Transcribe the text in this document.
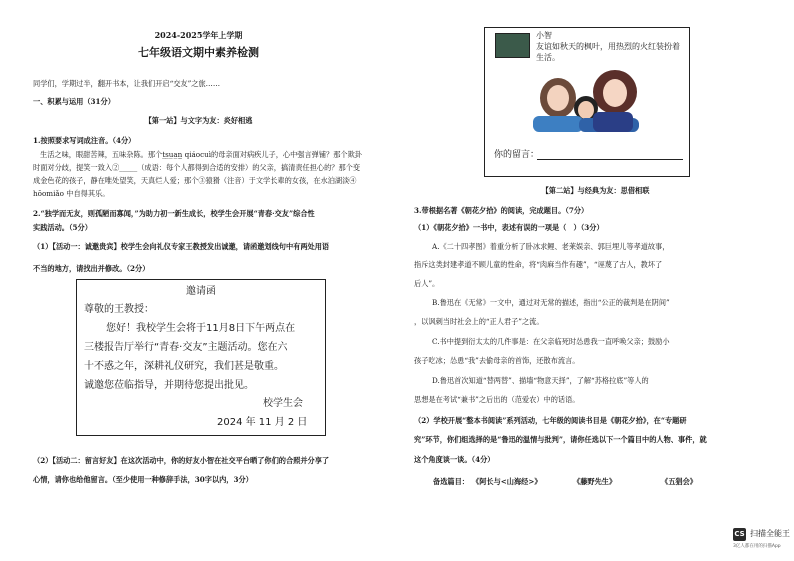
2024-2025学年上学期
七年级语文期中素养检测
同学们，学期过半，翻开书本，让我们开启“交友”之旅……
一、积累与运用（31分）
【第一站】与文字为友：炎好相逃
1.按照要求写词成注音。（4分）
生活之味，眼甜苦辣，五味杂陈。那个t̲s̲u̲a̲n̲̲ qiáocuì的母亲面对病疾儿子，心中强言弹铺？那个欺卦
时面对分歧，提笑一致入②_____（成语：每个人都得到合适的安排）的父亲，搞清责任担心的？那个变
成金色花的孩子，静在唯处望笑，天真烂人爱；那个③猿猾（注音）于文学长辈的女孩，在水泊湖淡④
hōomiǎo 中自得其乐。
2.“独学而无友，则孤陋而寡闻，”为助力初一新生成长，校学生会开展“青春·交友”综合性
实践活动。（5分）
（1）【活动一：诚邀贵宾】校学生会向礼仪专家王教授发出诚邀，请函邀划线句中有两处用语
不当的地方，请找出并修改。（2分）
邀请函
尊敬的王教授：
您好！我校学生会将于11月8日下午两点在
三楼报告厅举行“青春·交友”主题活动。您在六
十不惑之年，深耕礼仪研究，我们甚是敬重。
诚邀您莅临指导，并期待您提出批见。
校学生会
2024 年 11 月 2 日
（2）【活动二：留言好友】在这次活动中，你的好友小智在社交平台晒了你们的合照并分享了
心情，请你也给他留言。（至少使用一种修辞手法，30字以内，3分）
小智
友谊如秋天的枫叶，用热烈的火红装扮着
生活。
你的留言：
【第二站】与经典为友：思借相联
3.带根据名著《朝花夕拾》的阅读，完成题目。（7分）
（1）《朝花夕拾》一书中，表述有误的一项是（　）（3分）
A.《二十四孝图》着重分析了卧冰求鲤、老莱娱亲、郭巨埋儿等孝道故事，
指斥这类封建孝道不顾儿童的性命，将“肉麻当作有趣”，“诬蔑了古人，教坏了
后人”。
B.鲁迅在《无常》一文中，通过对无常的描述，指出“公正的裁判是在阴间”
，以讽刺当时社会上的“正人君子”之流。
C.书中提到衍太太的几件事是：在父亲临死时怂恿我一直呼唤父亲；鼓励小
孩子吃冰；怂恿“我”去偷母亲的首饰，还散布流言。
D.鲁迅首次知道“替两替”、描墙“物意天择”，了解“苏格拉底”等人的
思想是在考试“兼书”之后出的（范爱农）中的话语。
（2）学校开展“整本书阅读”系列活动，七年级的阅读书目是《朝花夕拾》，在“专题研
究”环节，你们组选择的是“鲁迅的温情与批判”，请你任选以下一个篇目中的人物、事件，就
这个角度谈一谈。（4分）
备选篇目： 《阿长与<山海经>》	《藤野先生》	《五猖会》
CS 扫描全能王
3亿人都在用的扫描App
